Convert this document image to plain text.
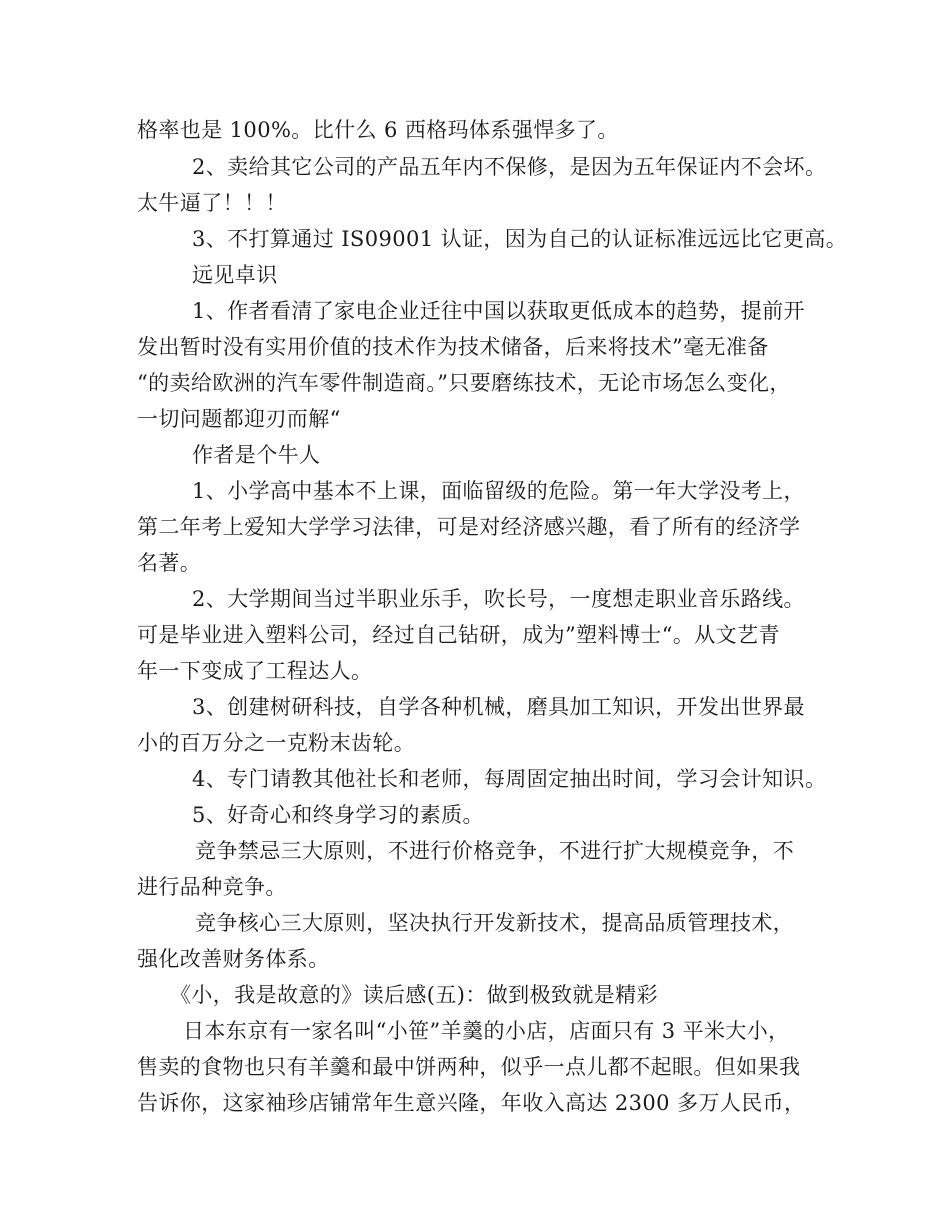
格率也是 100%。比什么 6 西格玛体系强悍多了。
2、卖给其它公司的产品五年内不保修，是因为五年保证内不会坏。
太牛逼了！！！
3、不打算通过 IS09001 认证，因为自己的认证标准远远比它更高。
远见卓识
1、作者看清了家电企业迁往中国以获取更低成本的趋势，提前开
发出暂时没有实用价值的技术作为技术储备，后来将技术”毫无准备
“的卖给欧洲的汽车零件制造商。”只要磨练技术，无论市场怎么变化，
一切问题都迎刃而解“
作者是个牛人
1、小学高中基本不上课，面临留级的危险。第一年大学没考上，
第二年考上爱知大学学习法律，可是对经济感兴趣，看了所有的经济学
名著。
2、大学期间当过半职业乐手，吹长号，一度想走职业音乐路线。
可是毕业进入塑料公司，经过自己钻研，成为”塑料博士“。从文艺青
年一下变成了工程达人。
3、创建树研科技，自学各种机械，磨具加工知识，开发出世界最
小的百万分之一克粉末齿轮。
4、专门请教其他社长和老师，每周固定抽出时间，学习会计知识。
5、好奇心和终身学习的素质。
竞争禁忌三大原则，不进行价格竞争，不进行扩大规模竞争，不
进行品种竞争。
竞争核心三大原则，坚决执行开发新技术，提高品质管理技术，
强化改善财务体系。
《小，我是故意的》读后感(五)：做到极致就是精彩
日本东京有一家名叫“小笹”羊羹的小店，店面只有 3 平米大小，
售卖的食物也只有羊羹和最中饼两种，似乎一点儿都不起眼。但如果我
告诉你，这家袖珍店铺常年生意兴隆，年收入高达 2300 多万人民币，
